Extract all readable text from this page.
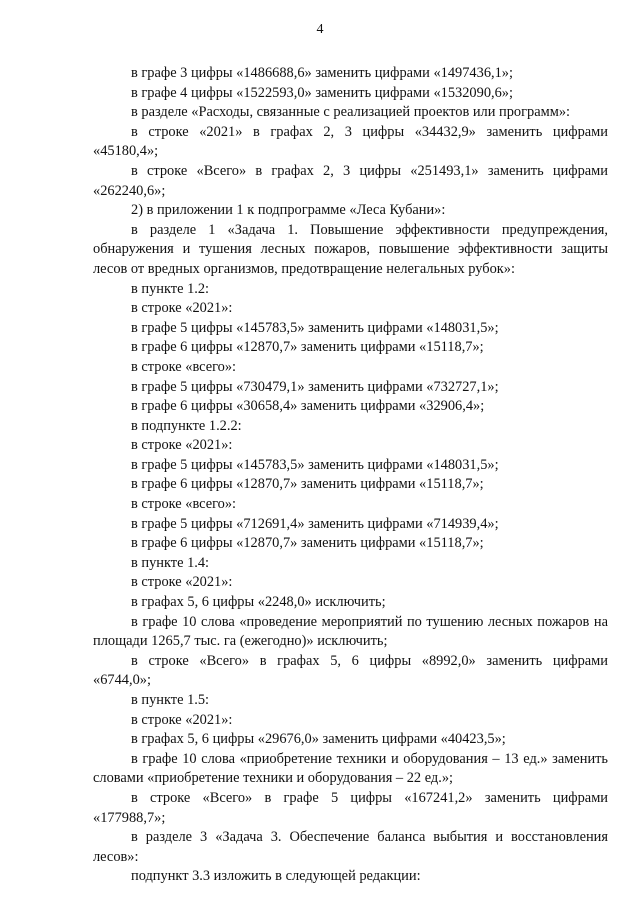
4

в графе 3 цифры «1486688,6» заменить цифрами «1497436,1»;

в графе 4 цифры «1522593,0» заменить цифрами «1532090,6»;

в разделе «Расходы, связанные с реализацией проектов или программ»:

в строке «2021» в графах 2, 3 цифры «34432,9» заменить цифрами «45180,4»;

в строке «Всего» в графах 2, 3 цифры «251493,1» заменить цифрами «262240,6»;

2) в приложении 1 к подпрограмме «Леса Кубани»:

в разделе 1 «Задача 1. Повышение эффективности предупреждения, обнаружения и тушения лесных пожаров, повышение эффективности защиты лесов от вредных организмов, предотвращение нелегальных рубок»:

в пункте 1.2:

в строке «2021»:

в графе 5 цифры «145783,5» заменить цифрами «148031,5»;

в графе 6 цифры «12870,7» заменить цифрами «15118,7»;

в строке «всего»:

в графе 5 цифры «730479,1» заменить цифрами «732727,1»;

в графе 6 цифры «30658,4» заменить цифрами «32906,4»;

в подпункте 1.2.2:

в строке «2021»:

в графе 5 цифры «145783,5» заменить цифрами «148031,5»;

в графе 6 цифры «12870,7» заменить цифрами «15118,7»;

в строке «всего»:

в графе 5 цифры «712691,4» заменить цифрами «714939,4»;

в графе 6 цифры «12870,7» заменить цифрами «15118,7»;

в пункте 1.4:

в строке «2021»:

в графах 5, 6 цифры «2248,0» исключить;

в графе 10 слова «проведение мероприятий по тушению лесных пожаров на площади 1265,7 тыс. га (ежегодно)» исключить;

в строке «Всего» в графах 5, 6 цифры «8992,0» заменить цифрами «6744,0»;

в пункте 1.5:

в строке «2021»:

в графах 5, 6 цифры «29676,0» заменить цифрами «40423,5»;

в графе 10 слова «приобретение техники и оборудования – 13 ед.» заменить словами «приобретение техники и оборудования – 22 ед.»;

в строке «Всего» в графе 5 цифры «167241,2» заменить цифрами «177988,7»;

в разделе 3 «Задача 3. Обеспечение баланса выбытия и восстановления лесов»:

подпункт 3.3 изложить в следующей редакции:
